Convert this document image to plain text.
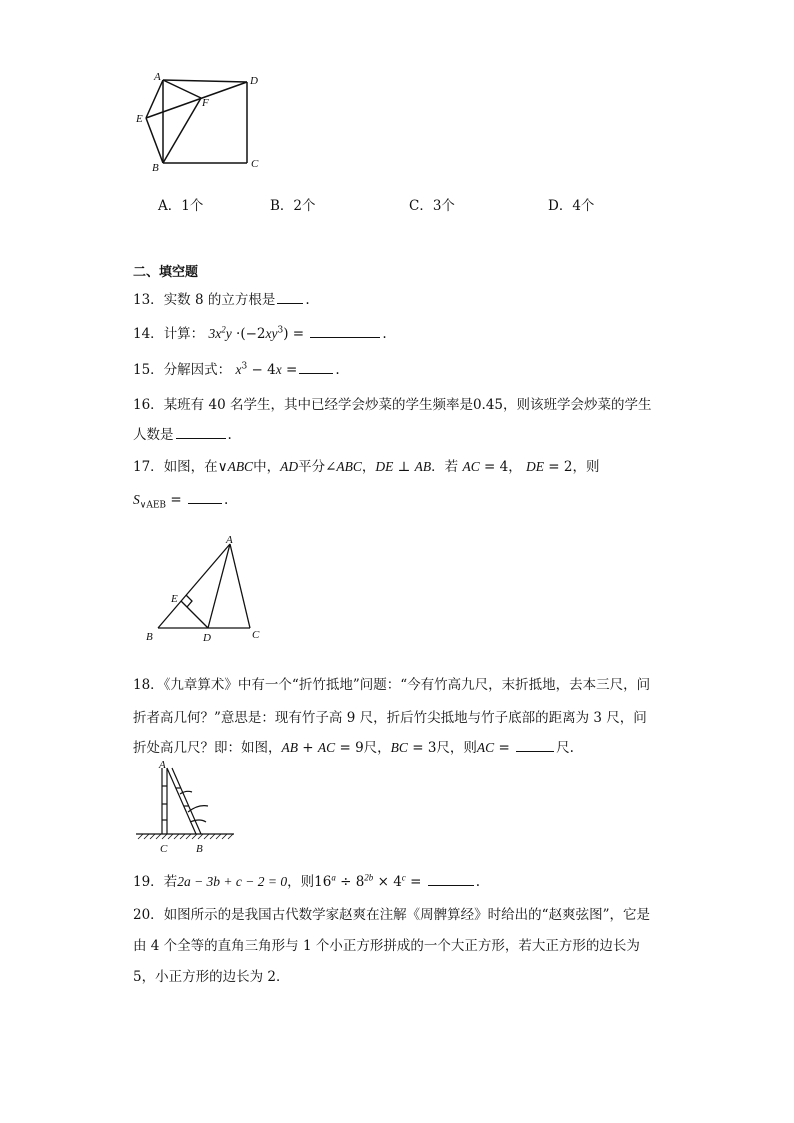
A	D
E
F
B	C
A．1个	B．2个	C．3个	D．4个
二、填空题
13．实数 8 的立方根是 .
14．计算： $3x^2y \cdot(-2xy^3)$ =	.
15．分解因式： $x^3 - 4x$ =	.
16．某班有 40 名学生，其中已经学会炒菜的学生频率是0.45，则该班学会炒菜的学生
人数是	.
17．如图，在∨ABC中，AD平分∠ABC，DE ⊥ AB．若 AC = 4， DE = 2，则
$S_{\vee AEB}$ =	.
A
E
B	D	C
18．《九章算术》中有一个“折竹抵地”问题：“今有竹高九尺，末折抵地，去本三尺，问
折者高几何？”意思是：现有竹子高 9 尺，折后竹尖抵地与竹子底部的距离为 3 尺，问
折处高几尺？即：如图，AB + AC = 9尺，BC = 3尺，则AC =	尺.
A
C	B
19．若2a − 3b + c − 2 = 0，则$16^a \div 8^{2b} \times 4^c$ =	.
20．如图所示的是我国古代数学家赵爽在注解《周髀算经》时给出的“赵爽弦图”，它是
由 4 个全等的直角三角形与 1 个小正方形拼成的一个大正方形，若大正方形的边长为
5，小正方形的边长为 2．
